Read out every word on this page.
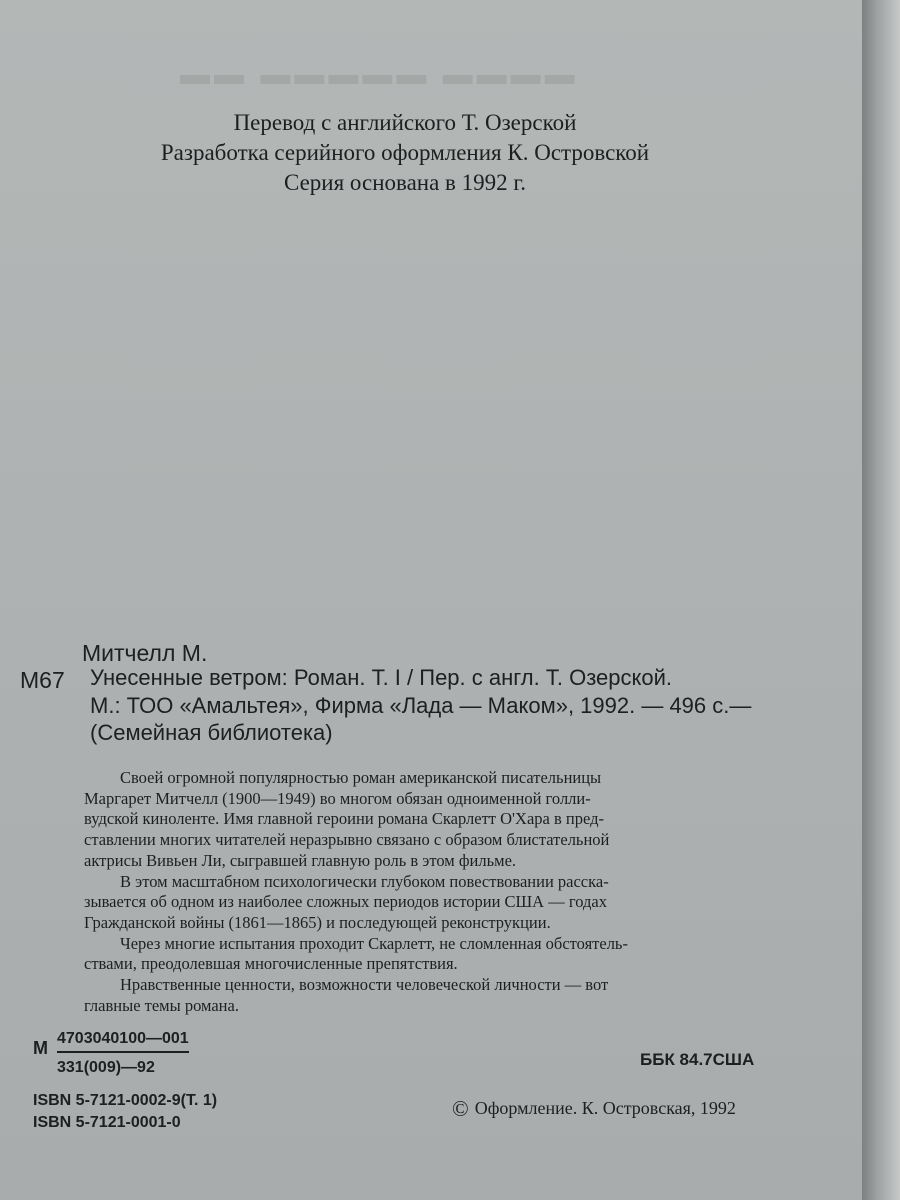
▬▬ ▬▬▬▬▬ ▬▬▬▬
Перевод с английского Т. Озерской
Разработка серийного оформления К. Островской
Серия основана в 1992 г.
Митчелл М.
М67 Унесенные ветром: Роман. Т. I / Пер. с англ. Т. Озерской.
М.: ТОО «Амальтея», Фирма «Лада — Маком», 1992. — 496 с.—
(Семейная библиотека)
Своей огромной популярностью роман американской писательницы
Маргарет Митчелл (1900—1949) во многом обязан одноименной голли-
вудской киноленте. Имя главной героини романа Скарлетт О'Хара в пред-
ставлении многих читателей неразрывно связано с образом блистательной
актрисы Вивьен Ли, сыгравшей главную роль в этом фильме.
В этом масштабном психологически глубоком повествовании расска-
зывается об одном из наиболее сложных периодов истории США — годах
Гражданской войны (1861—1865) и последующей реконструкции.
Через многие испытания проходит Скарлетт, не сломленная обстоятель-
ствами, преодолевшая многочисленные препятствия.
Нравственные ценности, возможности человеческой личности — вот
главные темы романа.
М 4703040100—001
331(009)—92	ББК 84.7США
ISBN 5-7121-0002-9(Т. 1)
ISBN 5-7121-0001-0
© Оформление. К. Островская, 1992
